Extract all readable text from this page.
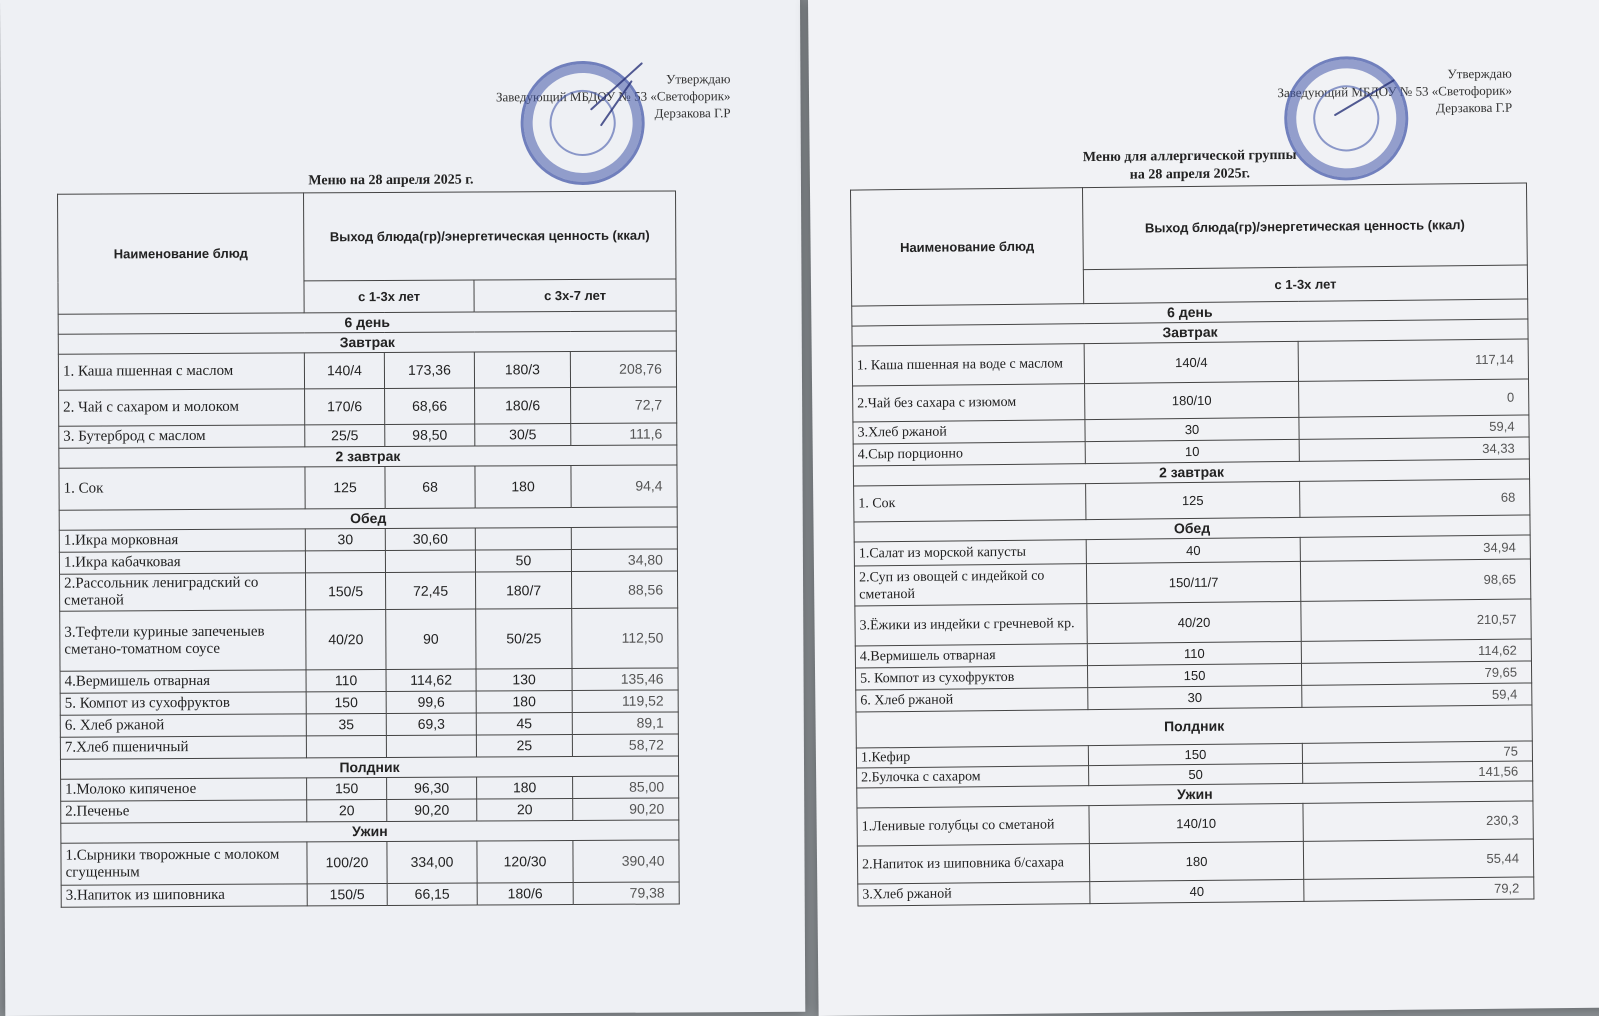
Утверждаю
Заведующий МБДОУ № 53 «Светофорик»
Дерзакова Г.Р
Меню на 28 апреля 2025 г.
Наименование блюд	Выход блюда(гр)/энергетическая ценность (ккал)			
	с 1-3х лет		с 3х-7 лет	
6 день				
Завтрак				
1. Каша пшенная с маслом	140/4	173,36	180/3	208,76
2. Чай с сахаром и молоком	170/6	68,66	180/6	72,7
3. Бутерброд с маслом	25/5	98,50	30/5	111,6
2 завтрак				
1. Сок	125	68	180	94,4
Обед				
1.Икра морковная	30	30,60		
1.Икра кабачковая			50	34,80
2.Рассольник лениградский со сметаной	150/5	72,45	180/7	88,56
3.Тефтели куриные запеченыев сметано-томатном соусе	40/20	90	50/25	112,50
4.Вермишель отварная	110	114,62	130	135,46
5. Компот из сухофруктов	150	99,6	180	119,52
6. Хлеб ржаной	35	69,3	45	89,1
7.Хлеб пшеничный			25	58,72
Полдник				
1.Молоко кипяченое	150	96,30	180	85,00
2.Печенье	20	90,20	20	90,20
Ужин				
1.Сырники творожные с молоком сгущенным	100/20	334,00	120/30	390,40
3.Напиток из шиповника	150/5	66,15	180/6	79,38
Утверждаю
Заведующий МБДОУ № 53 «Светофорик»
Дерзакова Г.Р
Меню для аллергической группы
на 28 апреля 2025г.
Наименование блюд	Выход блюда(гр)/энергетическая ценность (ккал)	
	с 1-3х лет	
6 день		
Завтрак		
1. Каша пшенная на воде с маслом	140/4	117,14
2.Чай без сахара с изюмом	180/10	0
3.Хлеб ржаной	30	59,4
4.Сыр порционно	10	34,33
2 завтрак		
1. Сок	125	68
Обед		
1.Салат из морской капусты	40	34,94
2.Суп из овощей с индейкой со сметаной	150/11/7	98,65
3.Ёжики из индейки с гречневой кр.	40/20	210,57
4.Вермишель отварная	110	114,62
5. Компот из сухофруктов	150	79,65
6. Хлеб ржаной	30	59,4
Полдник		
1.Кефир	150	75
2.Булочка с сахаром	50	141,56
Ужин		
1.Ленивые голубцы со сметаной	140/10	230,3
2.Напиток из шиповника б/сахара	180	55,44
3.Хлеб ржаной	40	79,2
